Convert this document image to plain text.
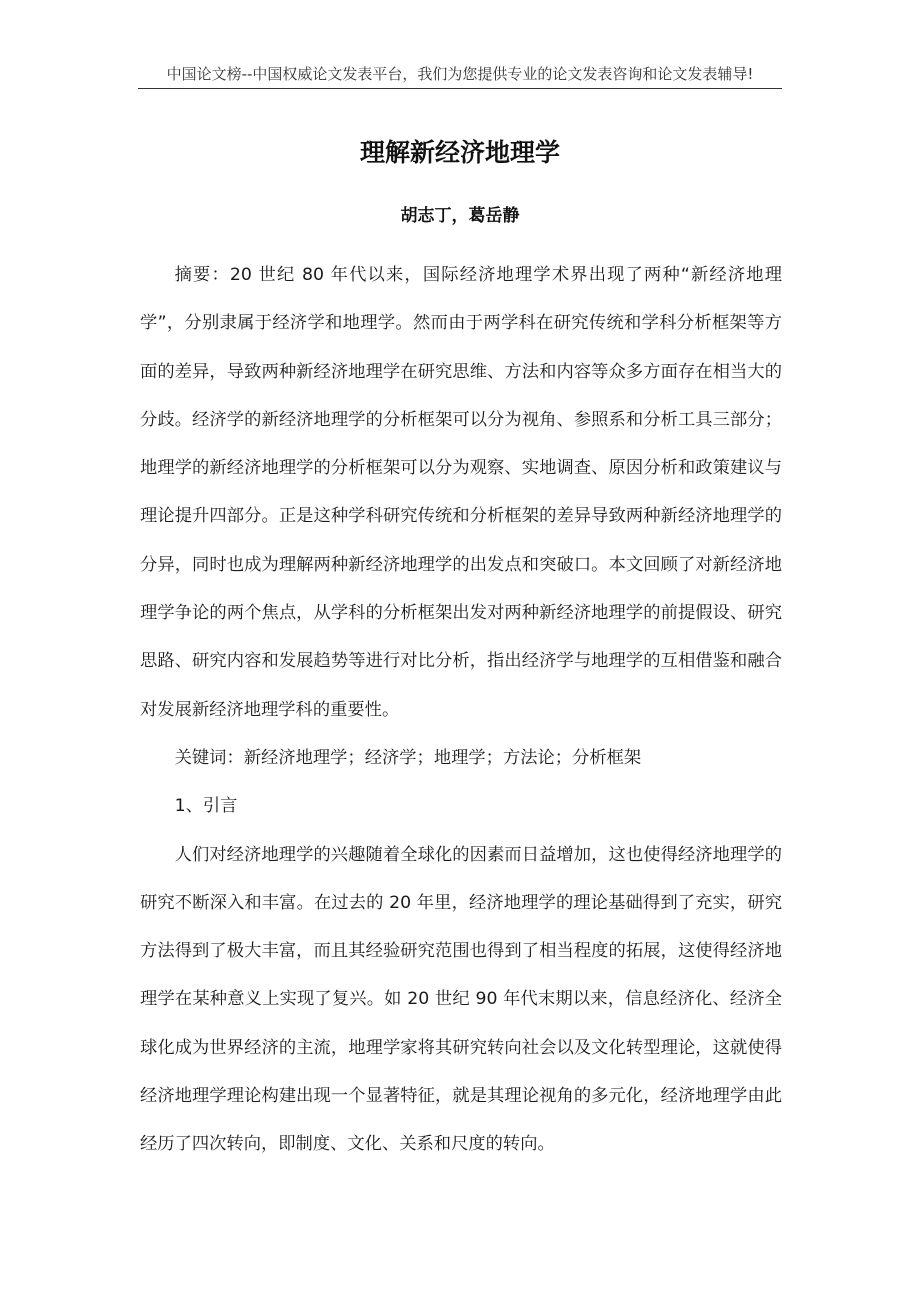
中国论文榜--中国权威论文发表平台，我们为您提供专业的论文发表咨询和论文发表辅导!
理解新经济地理学
胡志丁，葛岳静

摘要：20 世纪 80 年代以来，国际经济地理学术界出现了两种“新经济地理学”，分别隶属于经济学和地理学。然而由于两学科在研究传统和学科分析框架等方面的差异，导致两种新经济地理学在研究思维、方法和内容等众多方面存在相当大的分歧。经济学的新经济地理学的分析框架可以分为视角、参照系和分析工具三部分；地理学的新经济地理学的分析框架可以分为观察、实地调查、原因分析和政策建议与理论提升四部分。正是这种学科研究传统和分析框架的差异导致两种新经济地理学的分异，同时也成为理解两种新经济地理学的出发点和突破口。本文回顾了对新经济地理学争论的两个焦点，从学科的分析框架出发对两种新经济地理学的前提假设、研究思路、研究内容和发展趋势等进行对比分析，指出经济学与地理学的互相借鉴和融合对发展新经济地理学科的重要性。

关键词：新经济地理学；经济学；地理学；方法论；分析框架

1、引言

人们对经济地理学的兴趣随着全球化的因素而日益增加，这也使得经济地理学的研究不断深入和丰富。在过去的 20 年里，经济地理学的理论基础得到了充实，研究方法得到了极大丰富，而且其经验研究范围也得到了相当程度的拓展，这使得经济地理学在某种意义上实现了复兴。如 20 世纪 90 年代末期以来，信息经济化、经济全球化成为世界经济的主流，地理学家将其研究转向社会以及文化转型理论，这就使得经济地理学理论构建出现一个显著特征，就是其理论视角的多元化，经济地理学由此经历了四次转向，即制度、文化、关系和尺度的转向。
